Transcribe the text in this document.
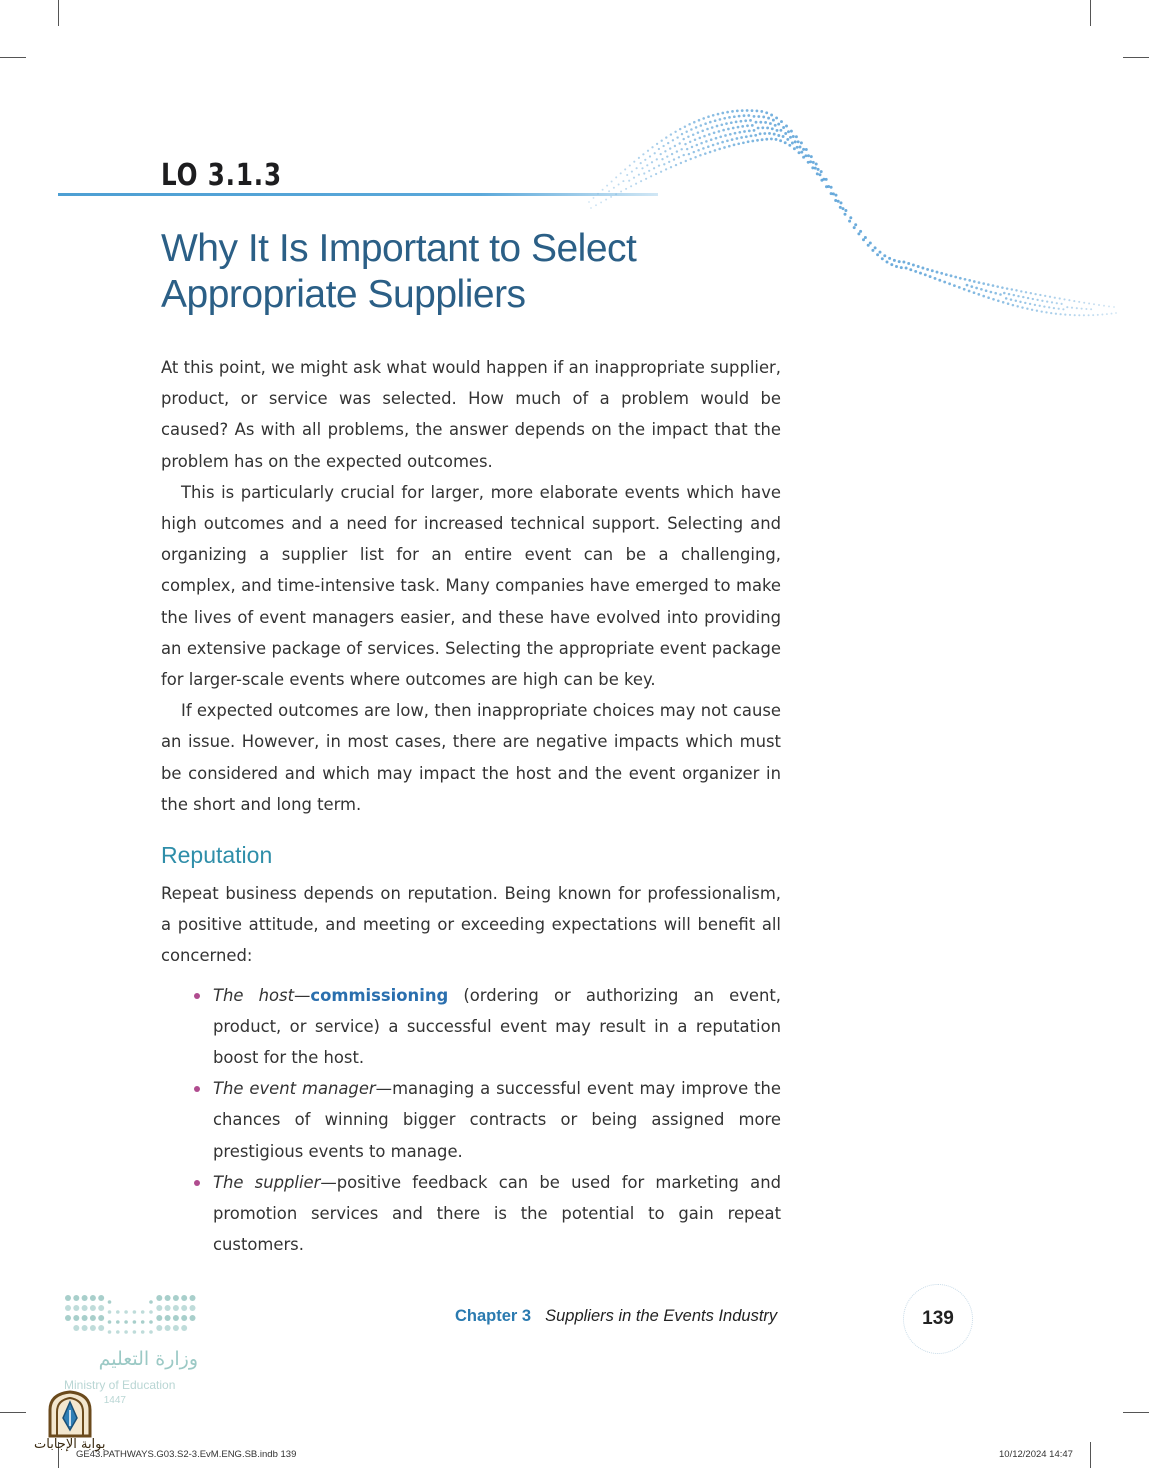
LO 3.1.3
Why It Is Important to Select
Appropriate Suppliers

At this point, we might ask what would happen if an inappropriate supplier, product, or service was selected. How much of a problem would be caused? As with all problems, the answer depends on the impact that the problem has on the expected outcomes.

This is particularly crucial for larger, more elaborate events which have high outcomes and a need for increased technical support. Selecting and organizing a supplier list for an entire event can be a challenging, complex, and time-intensive task. Many companies have emerged to make the lives of event managers easier, and these have evolved into providing an extensive package of services. Selecting the appropriate event package for larger-scale events where outcomes are high can be key.

If expected outcomes are low, then inappropriate choices may not cause an issue. However, in most cases, there are negative impacts which must be considered and which may impact the host and the event organizer in the short and long term.

Reputation

Repeat business depends on reputation. Being known for professionalism, a positive attitude, and meeting or exceeding expectations will benefit all concerned:

The host—commissioning (ordering or authorizing an event, product, or service) a successful event may result in a reputation boost for the host.
The event manager—managing a successful event may improve the chances of winning bigger contracts or being assigned more prestigious events to manage.
The supplier—positive feedback can be used for marketing and promotion services and there is the potential to gain repeat customers.
Chapter 3 Suppliers in the Events Industry	139
وزارة التعليم
Ministry of Education
1447
بوابة الإجابات
GE43.PATHWAYS.G03.S2-3.EvM.ENG.SB.indb 139	10/12/2024 14:47
